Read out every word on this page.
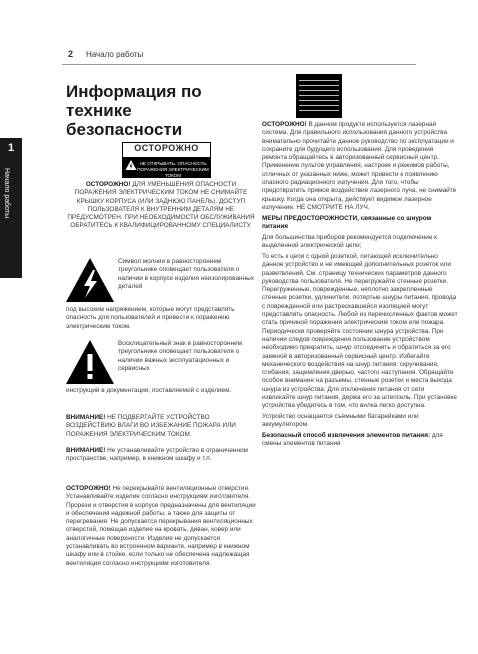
1
Начало работы
2 Начало работы
Информация по технике безопасности
ОСТОРОЖНО
НЕ ОТКРЫВАТЬ. ОПАСНОСТЬ
ПОРАЖЕНИЯ ЭЛЕКТРИЧЕСКИМ ТОКОМ
ОСТОРОЖНО! ДЛЯ УМЕНЬШЕНИЯ ОПАСНОСТИ ПОРАЖЕНИЯ ЭЛЕКТРИЧЕСКИМ ТОКОМ НЕ СНИМАЙТЕ КРЫШКУ КОРПУСА (ИЛИ ЗАДНЮЮ ПАНЕЛЬ). ДОСТУП ПОЛЬЗОВАТЕЛЯ К ВНУТРЕННИМ ДЕТАЛЯМ НЕ ПРЕДУСМОТРЕН. ПРИ НЕОБХОДИМОСТИ ОБСЛУЖИВАНИЯ ОБРАТИТЕСЬ К КВАЛИФИЦИРОВАННОМУ СПЕЦИАЛИСТУ.
Символ молнии в равностороннем треугольнике оповещает пользователя о наличии в корпусе изделия неизолированных деталей
под высоким напряжением, которые могут представлять опасность для пользователей и привести к поражению электрическим током.
Восклицательный знак в равностороннем треугольнике оповещает пользователя о наличии важных эксплуатационных и сервисных
инструкций в документации, поставляемой с изделием.
ВНИМАНИЕ! НЕ ПОДВЕРГАЙТЕ УСТРОЙСТВО ВОЗДЕЙСТВИЮ ВЛАГИ ВО ИЗБЕЖАНИЕ ПОЖАРА ИЛИ ПОРАЖЕНИЯ ЭЛЕКТРИЧЕСКИМ ТОКОМ.
ВНИМАНИЕ! Не устанавливайте устройство в ограниченном пространстве, например, в книжном шкафу и т.п.
ОСТОРОЖНО! Не перекрывайте вентиляционные отверстия. Устанавливайте изделие согласно инструкциям изготовителя. Прорези и отверстия в корпусе предназначены для вентиляции и обеспечения надежной работы, а также для защиты от перегревания. Не допускается перекрывания вентиляционных отверстий, помещая изделие на кровать, диван, ковер или аналогичные поверхности. Изделие не допускается устанавливать во встроенном варианте, например в книжном шкафу или в стойке, если только не обеспечена надлежащая вентиляция согласно инструкциям изготовителя.

ОСТОРОЖНО! В данном продукте используется лазерная система. Для правильного использования данного устройства внимательно прочитайте данное руководство по эксплуатации и сохраните для будущего использования. Для проведения ремонта обращайтесь в авторизованный сервисный центр. Применение пультов управления, настроек и режимов работы, отличных от указанных ниже, может привести к появлению опасного радиационного излучения. Для того, чтобы предотвратить прямое воздействие лазерного луча, не снимайте крышку. Когда она открыта, действует видимое лазерное излучение. НЕ СМОТРИТЕ НА ЛУЧ.

МЕРЫ ПРЕДОСТОРОЖНОСТИ, связанные со шнуром питания

Для большинства приборов рекомендуется подключение к выделенной электрической цепи;

То есть к цепи с одной розеткой, питающей исключительно данное устройство и не имеющей дополнительных розеток или разветвлений. См. страницу технических параметров данного руководства пользователя. Не перегружайте стенные розетки. Перегруженные, поврежденные, неплотно закрепленные стенные розетки, удлинители, потертые шнуры питания, провода с поврежденной или растрескавшейся изоляцией могут представлять опасность. Любой из перечисленных фактов может стать причиной поражения электрическим током или пожара. Периодически проверяйте состояние шнура устройства. При наличии следов повреждения пользование устройством необходимо прекратить, шнур отсоединить и обратиться за его заменой в авторизованный сервисный центр. Избегайте механического воздействия на шнур питания: скручивания, сгибания, защемления дверью, частого наступания. Обращайте особое внимание на разъемы, стенные розетки и места выхода шнура из устройства. Для отключения питания от сети извлекайте шнур питания, держа его за штепсель. При установке устройства убедитесь в том, что вилка легко доступна.

Устройство оснащается съемными батарейками или аккумулятором.

Безопасный способ извлечения элементов питания: для смены элементов питания
